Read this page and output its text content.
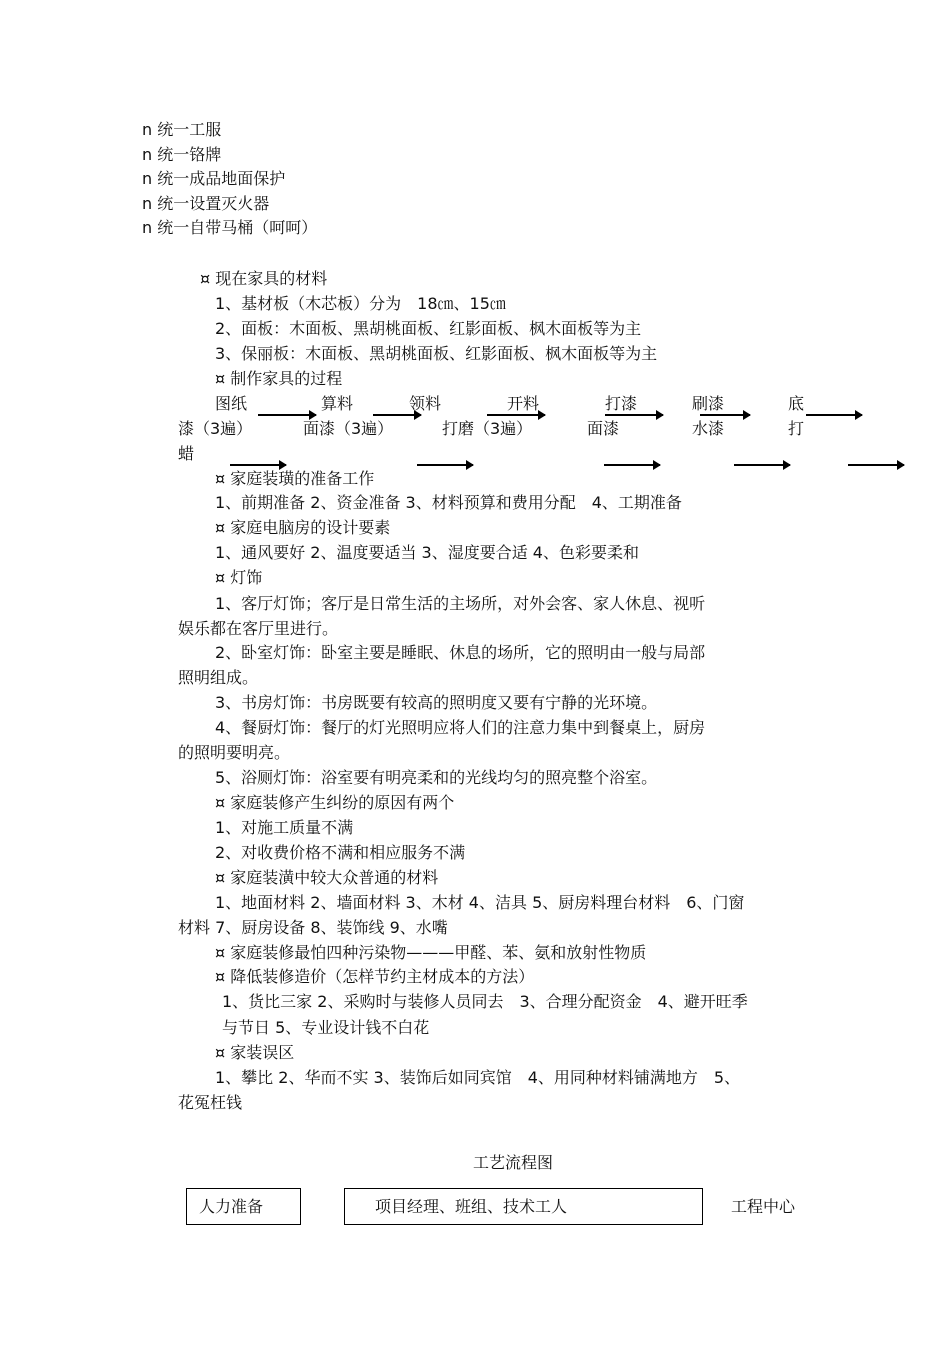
n 统一工服
n 统一铬牌
n 统一成品地面保护
n 统一设置灭火器
n 统一自带马桶（呵呵）
¤ 现在家具的材料
1、基材板（木芯板）分为　18㎝、15㎝
2、面板：木面板、黑胡桃面板、红影面板、枫木面板等为主
3、保丽板：木面板、黑胡桃面板、红影面板、枫木面板等为主
¤ 制作家具的过程
图纸	算料	领料	开料	打漆	刷漆	底
漆（3遍）	面漆（3遍）	打磨（3遍）	面漆	水漆	打
蜡
¤ 家庭装璜的准备工作
1、前期准备 2、资金准备 3、材料预算和费用分配　4、工期准备
¤ 家庭电脑房的设计要素
1、通风要好 2、温度要适当 3、湿度要合适 4、色彩要柔和
¤ 灯饰
1、客厅灯饰；客厅是日常生活的主场所，对外会客、家人休息、视听
娱乐都在客厅里进行。
2、卧室灯饰：卧室主要是睡眠、休息的场所，它的照明由一般与局部
照明组成。
3、书房灯饰：书房既要有较高的照明度又要有宁静的光环境。
4、餐厨灯饰：餐厅的灯光照明应将人们的注意力集中到餐桌上，厨房
的照明要明亮。
5、浴厕灯饰：浴室要有明亮柔和的光线均匀的照亮整个浴室。
¤ 家庭装修产生纠纷的原因有两个
1、对施工质量不满
2、对收费价格不满和相应服务不满
¤ 家庭装潢中较大众普通的材料
1、地面材料 2、墙面材料 3、木材 4、洁具 5、厨房料理台材料　6、门窗
材料 7、厨房设备 8、装饰线 9、水嘴
¤ 家庭装修最怕四种污染物———甲醛、苯、氨和放射性物质
¤ 降低装修造价（怎样节约主材成本的方法）
1、货比三家 2、采购时与装修人员同去　3、合理分配资金　4、避开旺季
与节日 5、专业设计钱不白花
¤ 家装误区
1、攀比 2、华而不实 3、装饰后如同宾馆　4、用同种材料铺满地方　5、
花冤枉钱
工艺流程图
人力准备	项目经理、班组、技术工人	工程中心
